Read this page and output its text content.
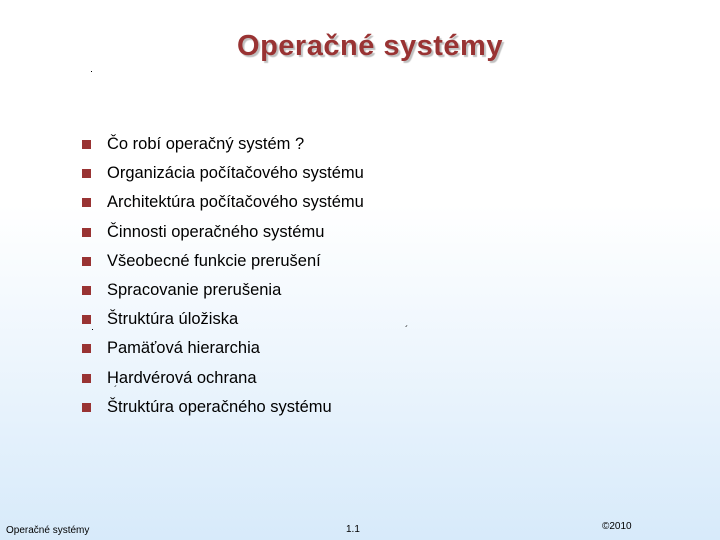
Operačné systémy
´
´
Čo robí operačný systém ?
Organizácia počítačového systému
Architektúra počítačového systému
Činnosti operačného systému
Všeobecné funkcie prerušení
Spracovanie prerušenia
Štruktúra úložiska
Pamäťová hierarchia
Hardvérová ochrana
Štruktúra operačného systému
Operačné systémy	1.1	©2010
